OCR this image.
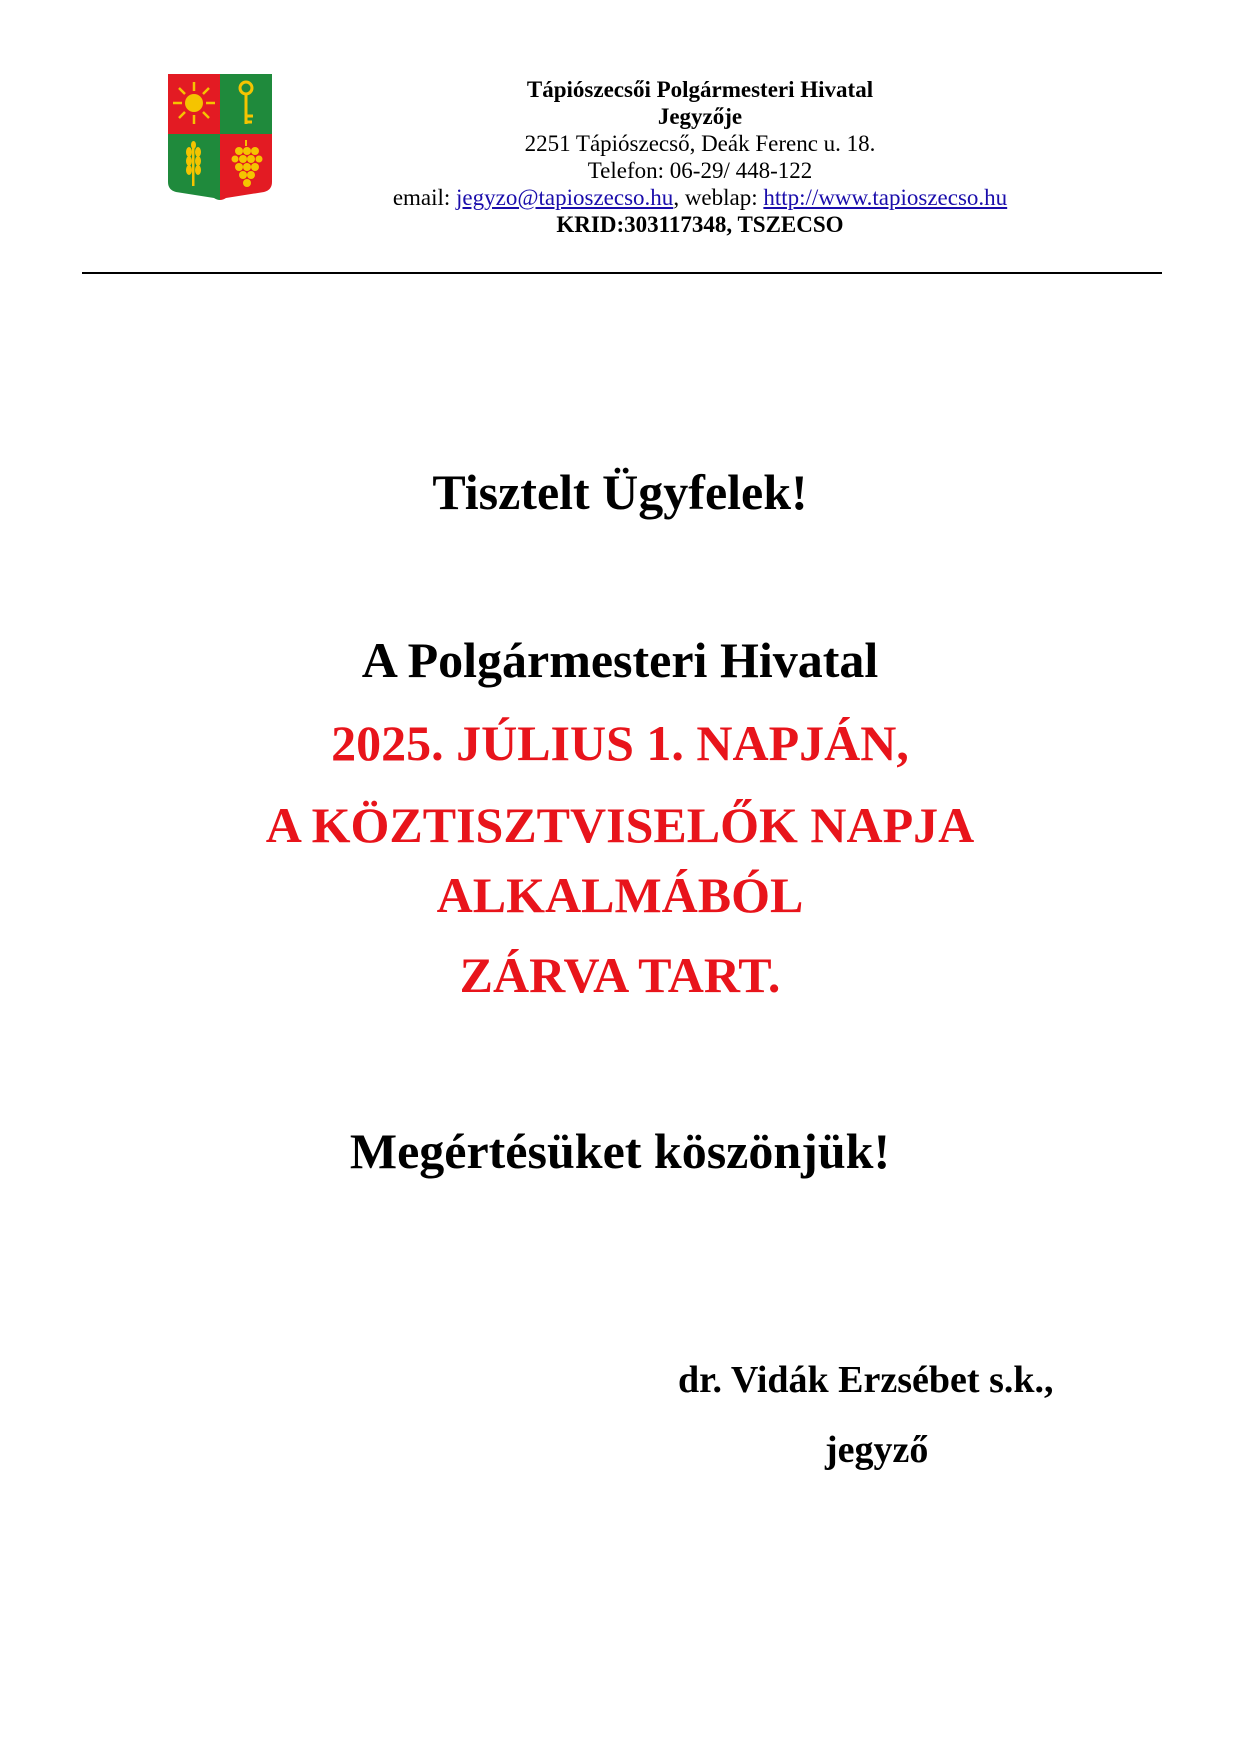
Tápiószecsői Polgármesteri Hivatal
Jegyzője
2251 Tápiószecső, Deák Ferenc u. 18.
Telefon: 06-29/ 448-122
email: jegyzo@tapioszecso.hu, weblap: http://www.tapioszecso.hu
KRID:303117348, TSZECSO
Tisztelt Ügyfelek!
A Polgármesteri Hivatal
2025. JÚLIUS 1. NAPJÁN,
A KÖZTISZTVISELŐK NAPJA
ALKALMÁBÓL
ZÁRVA TART.
Megértésüket köszönjük!
dr. Vidák Erzsébet s.k.,
jegyző
